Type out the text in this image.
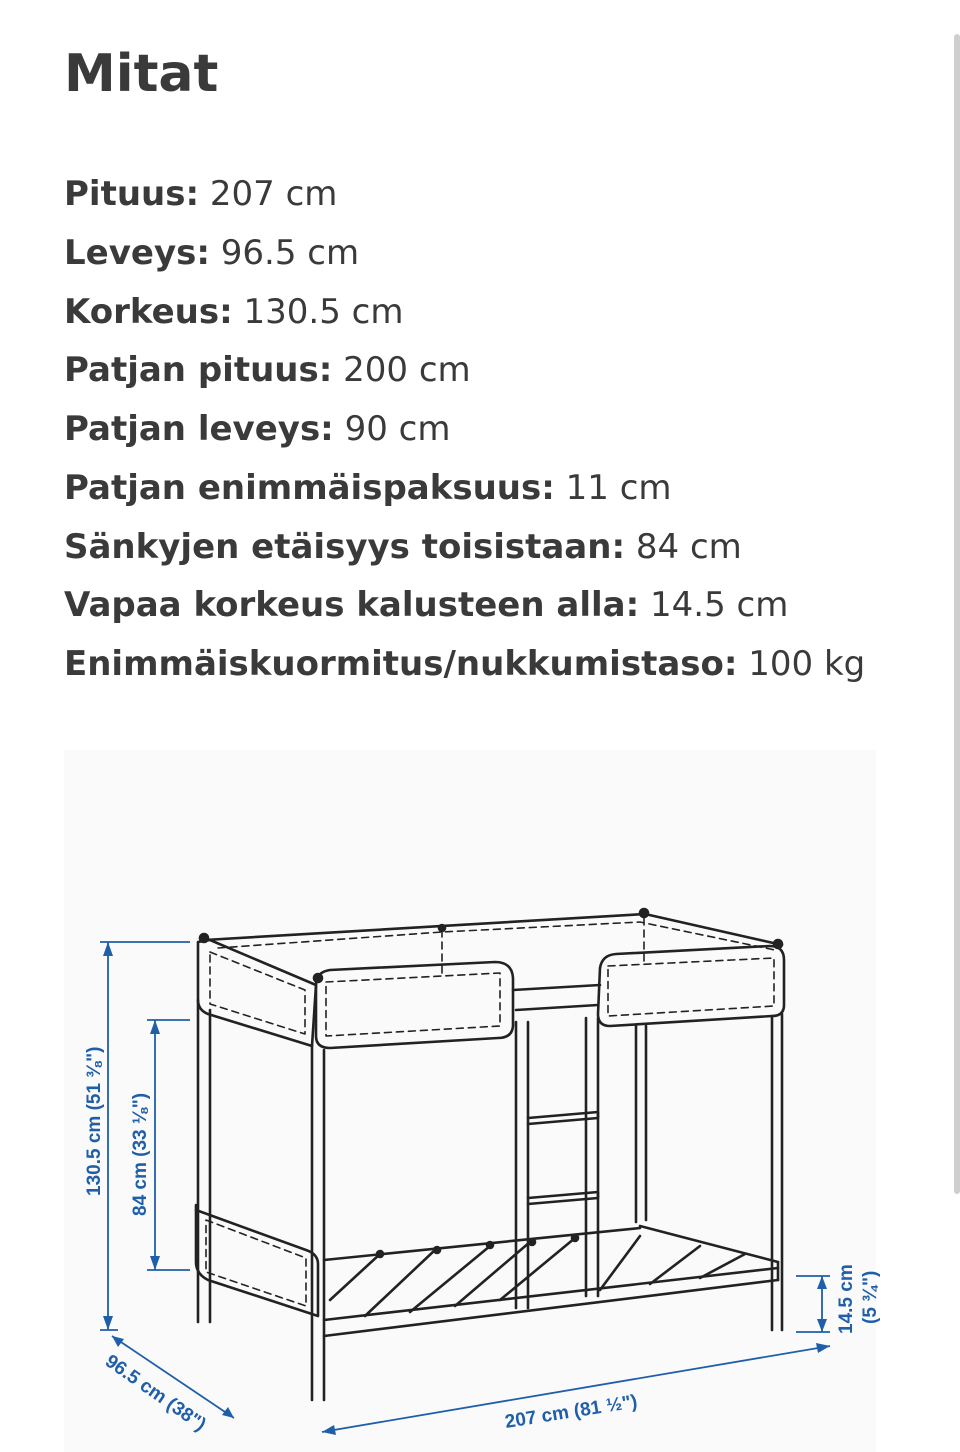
Mitat
Pituus: 207 cm
Leveys: 96.5 cm
Korkeus: 130.5 cm
Patjan pituus: 200 cm
Patjan leveys: 90 cm
Patjan enimmäispaksuus: 11 cm
Sänkyjen etäisyys toisistaan: 84 cm
Vapaa korkeus kalusteen alla: 14.5 cm
Enimmäiskuormitus/nukkumistaso: 100 kg
130.5 cm (51 ⅜") 84 cm (33 ⅛")
14.5 cm (5 ¾")
96.5 cm (38")	207 cm (81 ½")
